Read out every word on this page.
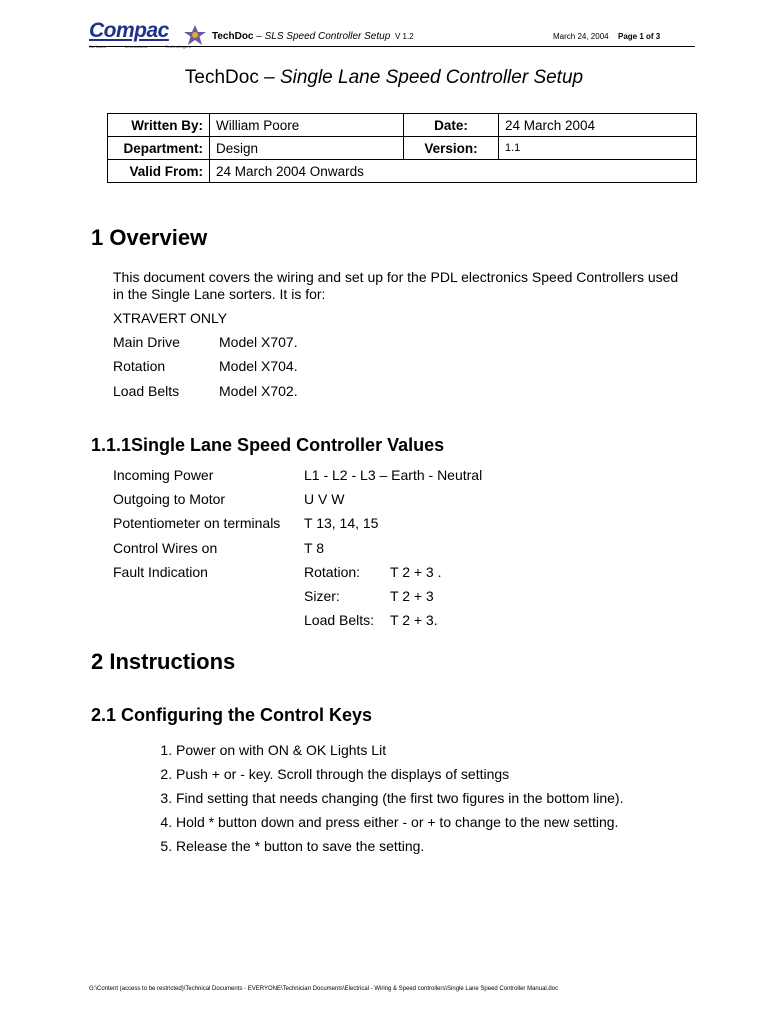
Compac
Sortware	Innovations	Technologies
TechDoc – SLS Speed Controller Setup V 1.2	March 24, 2004 Page 1 of 3
TechDoc – Single Lane Speed Controller Setup
Written By:	William Poore	Date:	24 March 2004
Department:	Design	Version:	1.1
Valid From:	24 March 2004 Onwards		
1 Overview
This document covers the wiring and set up for the PDL electronics Speed Controllers used
in the Single Lane sorters. It is for:
XTRAVERT ONLY
Main Drive	Model X707.
Rotation	Model X704.
Load Belts	Model X702.
1.1.1Single Lane Speed Controller Values
Incoming Power	L1 - L2 - L3 – Earth - Neutral
Outgoing to Motor	U V W
Potentiometer on terminals T 13, 14, 15
Control Wires on	T 8
Fault Indication	Rotation: T 2 + 3 .
Sizer:	T 2 + 3
Load Belts: T 2 + 3.
2 Instructions
2.1 Configuring the Control Keys
1. Power on with ON & OK Lights Lit
2. Push + or - key. Scroll through the displays of settings
3. Find setting that needs changing (the first two figures in the bottom line).
4. Hold * button down and press either - or + to change to the new setting.
5. Release the * button to save the setting.
G:\Content (access to be restricted)\Technical Documents - EVERYONE\Technician Documents\Electrical - Wiring & Speed controllers\Single Lane Speed Controller Manual.doc
